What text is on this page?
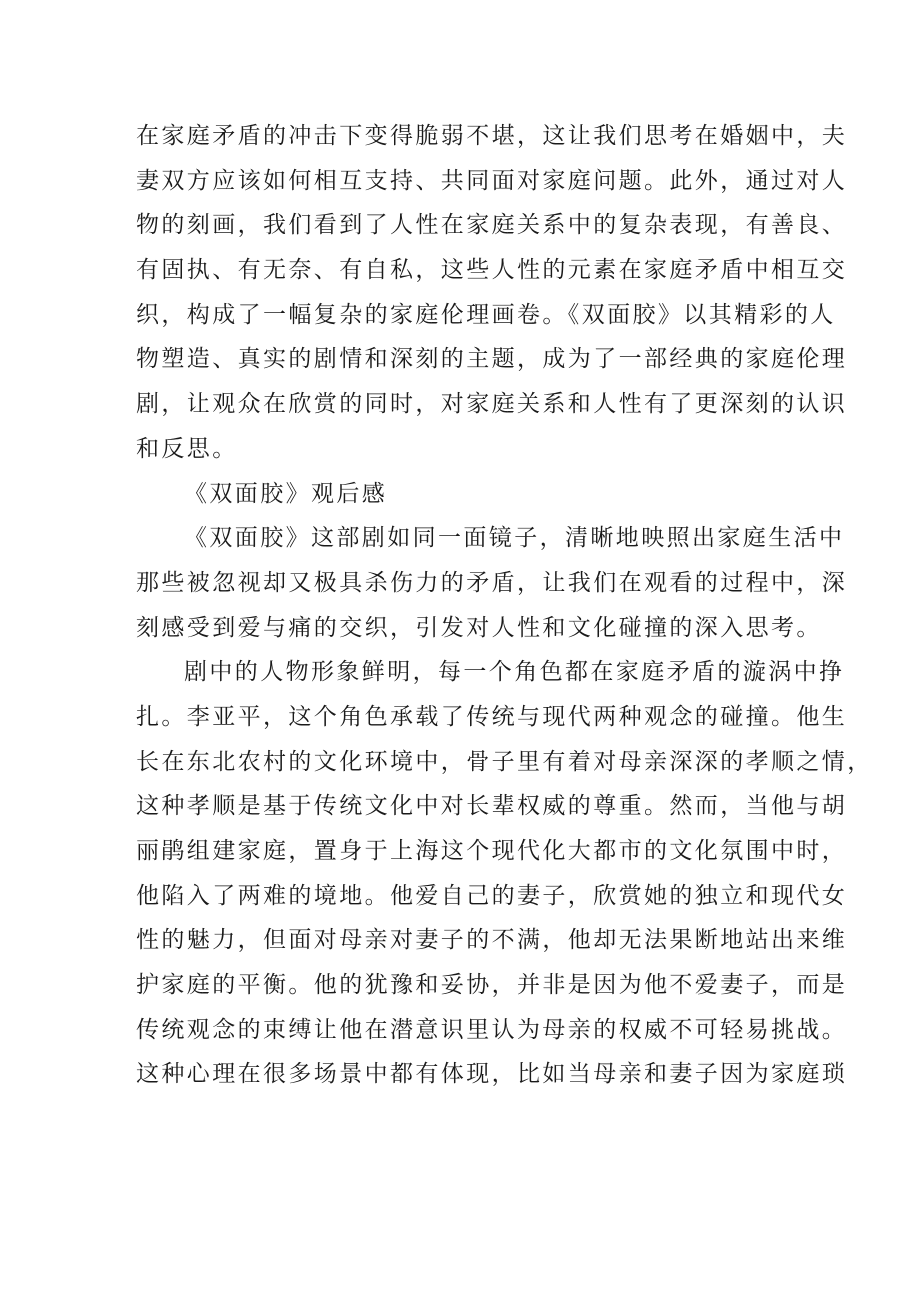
在家庭矛盾的冲击下变得脆弱不堪，这让我们思考在婚姻中，夫
妻双方应该如何相互支持、共同面对家庭问题。此外，通过对人
物的刻画，我们看到了人性在家庭关系中的复杂表现，有善良、
有固执、有无奈、有自私，这些人性的元素在家庭矛盾中相互交
织，构成了一幅复杂的家庭伦理画卷。《双面胶》以其精彩的人
物塑造、真实的剧情和深刻的主题，成为了一部经典的家庭伦理
剧，让观众在欣赏的同时，对家庭关系和人性有了更深刻的认识
和反思。
《双面胶》观后感
《双面胶》这部剧如同一面镜子，清晰地映照出家庭生活中
那些被忽视却又极具杀伤力的矛盾，让我们在观看的过程中，深
刻感受到爱与痛的交织，引发对人性和文化碰撞的深入思考。
剧中的人物形象鲜明，每一个角色都在家庭矛盾的漩涡中挣
扎。李亚平，这个角色承载了传统与现代两种观念的碰撞。他生
长在东北农村的文化环境中，骨子里有着对母亲深深的孝顺之情，
这种孝顺是基于传统文化中对长辈权威的尊重。然而，当他与胡
丽鹃组建家庭，置身于上海这个现代化大都市的文化氛围中时，
他陷入了两难的境地。他爱自己的妻子，欣赏她的独立和现代女
性的魅力，但面对母亲对妻子的不满，他却无法果断地站出来维
护家庭的平衡。他的犹豫和妥协，并非是因为他不爱妻子，而是
传统观念的束缚让他在潜意识里认为母亲的权威不可轻易挑战。
这种心理在很多场景中都有体现，比如当母亲和妻子因为家庭琐
